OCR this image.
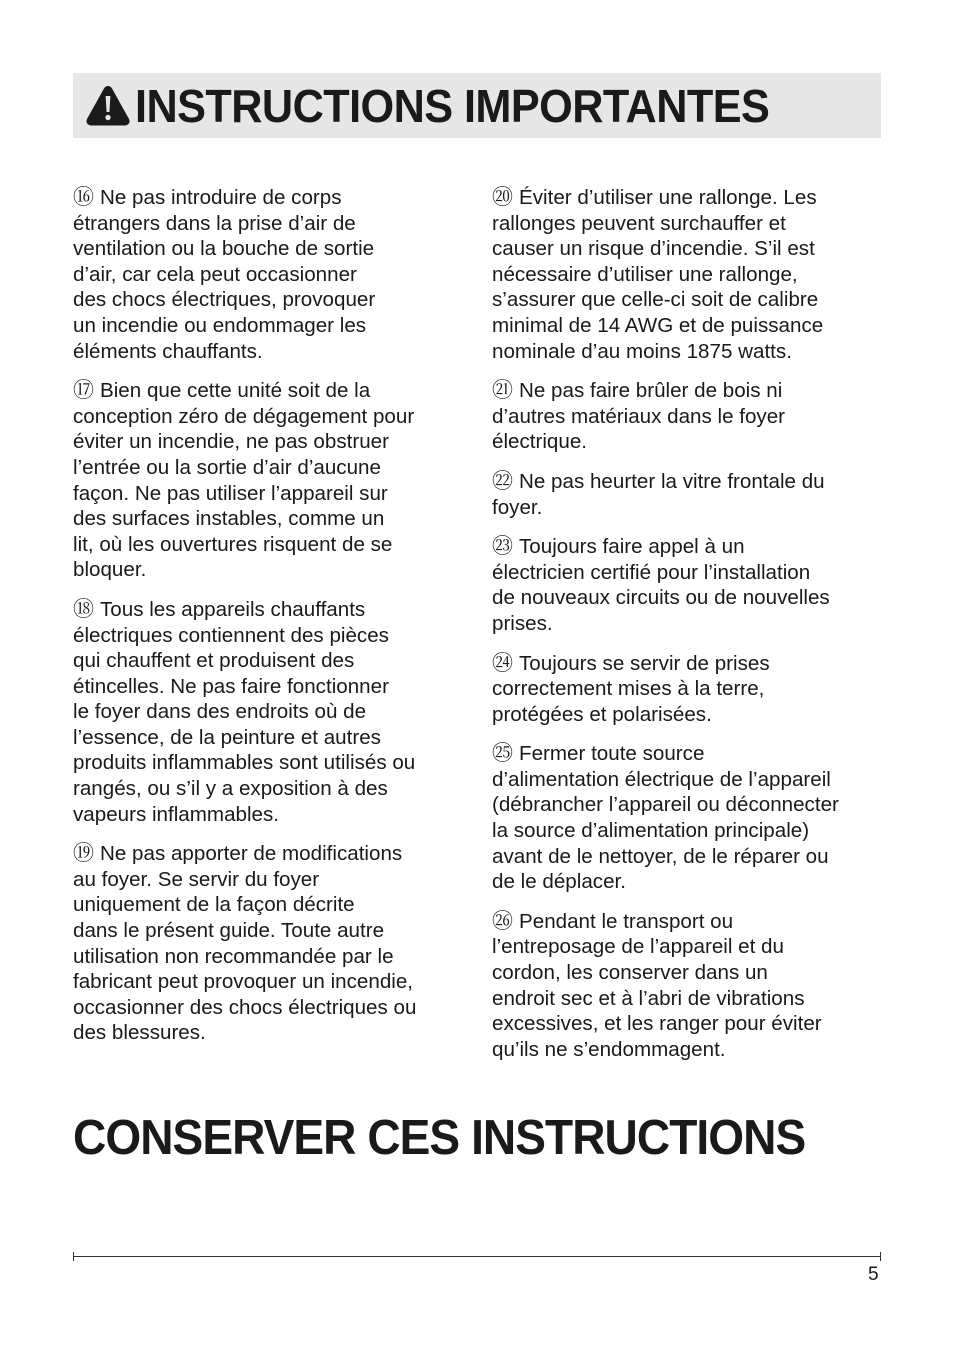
INSTRUCTIONS IMPORTANTES
⑯ Ne pas introduire de corps
étrangers dans la prise d’air de
ventilation ou la bouche de sortie
d’air, car cela peut occasionner
des chocs électriques, provoquer
un incendie ou endommager les
éléments chauffants.
⑰ Bien que cette unité soit de la
conception zéro de dégagement pour
éviter un incendie, ne pas obstruer
l’entrée ou la sortie d’air d’aucune
façon. Ne pas utiliser l’appareil sur
des surfaces instables, comme un
lit, où les ouvertures risquent de se
bloquer.
⑱ Tous les appareils chauffants
électriques contiennent des pièces
qui chauffent et produisent des
étincelles. Ne pas faire fonctionner
le foyer dans des endroits où de
l’essence, de la peinture et autres
produits inflammables sont utilisés ou
rangés, ou s’il y a exposition à des
vapeurs inflammables.
⑲ Ne pas apporter de modifications
au foyer. Se servir du foyer
uniquement de la façon décrite
dans le présent guide. Toute autre
utilisation non recommandée par le
fabricant peut provoquer un incendie,
occasionner des chocs électriques ou
des blessures.
⑳ Éviter d’utiliser une rallonge. Les
rallonges peuvent surchauffer et
causer un risque d’incendie. S’il est
nécessaire d’utiliser une rallonge,
s’assurer que celle-ci soit de calibre
minimal de 14 AWG et de puissance
nominale d’au moins 1875 watts.
㉑ Ne pas faire brûler de bois ni
d’autres matériaux dans le foyer
électrique.
㉒ Ne pas heurter la vitre frontale du
foyer.
㉓ Toujours faire appel à un
électricien certifié pour l’installation
de nouveaux circuits ou de nouvelles
prises.
㉔ Toujours se servir de prises
correctement mises à la terre,
protégées et polarisées.
㉕ Fermer toute source
d’alimentation électrique de l’appareil
(débrancher l’appareil ou déconnecter
la source d’alimentation principale)
avant de le nettoyer, de le réparer ou
de le déplacer.
㉖ Pendant le transport ou
l’entreposage de l’appareil et du
cordon, les conserver dans un
endroit sec et à l’abri de vibrations
excessives, et les ranger pour éviter
qu’ils ne s’endommagent.
CONSERVER CES INSTRUCTIONS
5
